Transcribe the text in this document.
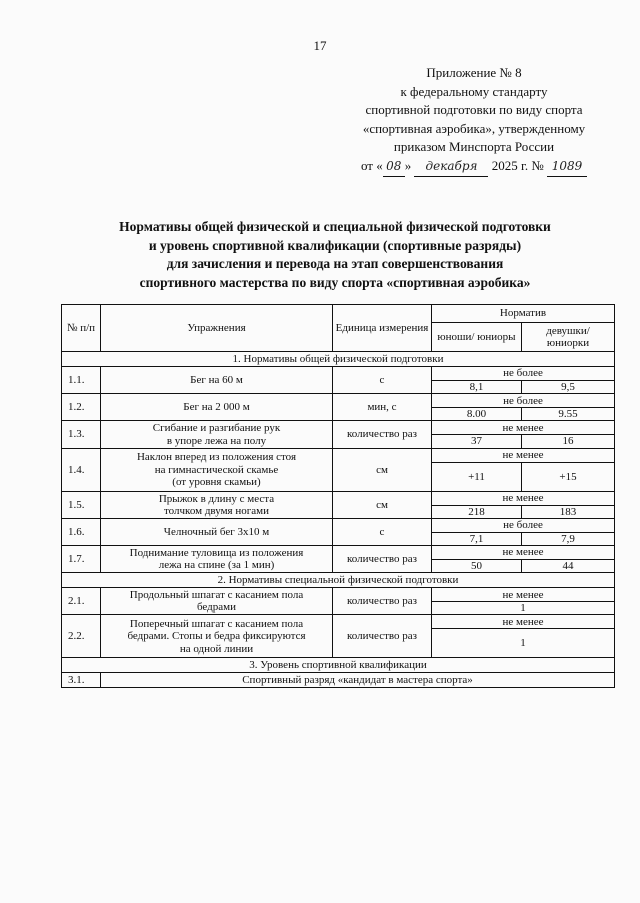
17
Приложение № 8
к федеральному стандарту
спортивной подготовки по виду спорта
«спортивная аэробика», утвержденному
приказом Минспорта России
от « 08 » декабря 2025 г. № 1089
Нормативы общей физической и специальной физической подготовки
и уровень спортивной квалификации (спортивные разряды)
для зачисления и перевода на этап совершенствования
спортивного мастерства по виду спорта «спортивная аэробика»
№ п/п	Упражнения	Единица измерения	Норматив	
			юноши/ юниоры	девушки/ юниорки
1. Нормативы общей физической подготовки				
1.1.	Бег на 60 м	с	не более	
			8,1	9,5
1.2.	Бег на 2 000 м	мин, с	не более	
			8.00	9.55
1.3.	Сгибание и разгибание рук
в упоре лежа на полу	количество раз	не менее	
			37	16
1.4.	Наклон вперед из положения стоя
на гимнастической скамье
(от уровня скамьи)	см	не менее	
			+11	+15
1.5.	Прыжок в длину с места
толчком двумя ногами	см	не менее	
			218	183
1.6.	Челночный бег 3х10 м	с	не более	
			7,1	7,9
1.7.	Поднимание туловища из положения
лежа на спине (за 1 мин)	количество раз	не менее	
			50	44
2. Нормативы специальной физической подготовки				
2.1.	Продольный шпагат с касанием пола
бедрами	количество раз	не менее	
			1	
2.2.	Поперечный шпагат с касанием пола
бедрами. Стопы и бедра фиксируются
на одной линии	количество раз	не менее	
			1	
3. Уровень спортивной квалификации				
3.1.	Спортивный разряд «кандидат в мастера спорта»			
